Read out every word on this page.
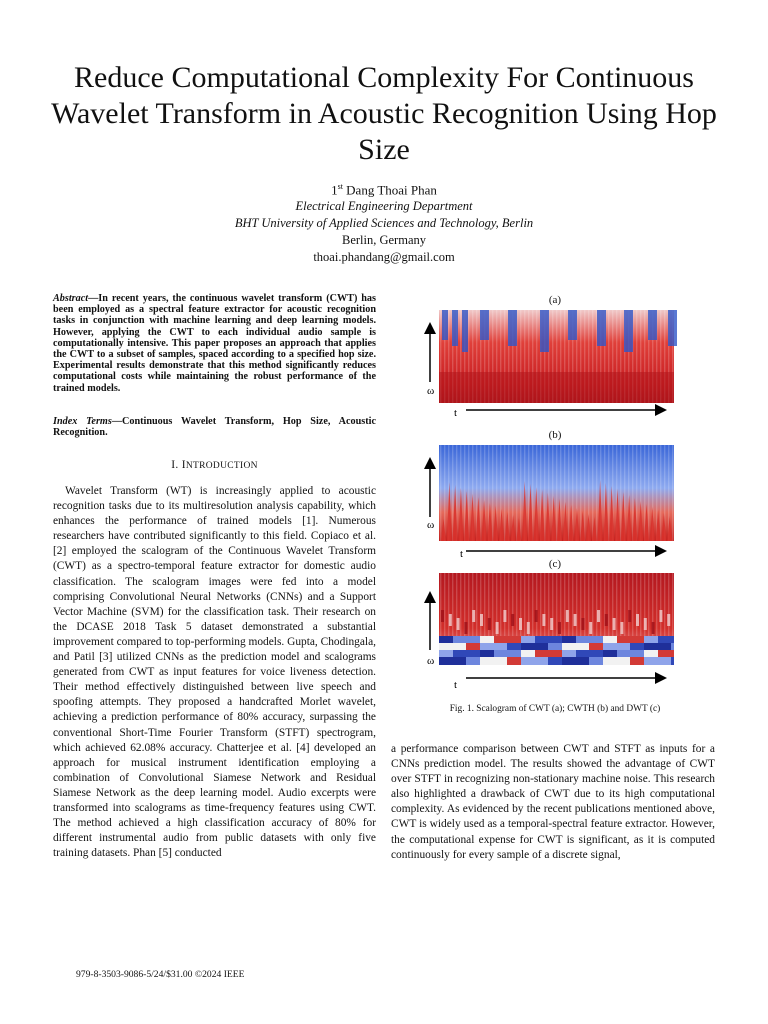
Reduce Computational Complexity For Continuous Wavelet Transform in Acoustic Recognition Using Hop Size
1st Dang Thoai Phan
Electrical Engineering Department
BHT University of Applied Sciences and Technology, Berlin
Berlin, Germany
thoai.phandang@gmail.com
Abstract—In recent years, the continuous wavelet transform (CWT) has been employed as a spectral feature extractor for acoustic recognition tasks in conjunction with machine learning and deep learning models. However, applying the CWT to each individual audio sample is computationally intensive. This paper proposes an approach that applies the CWT to a subset of samples, spaced according to a specified hop size. Experimental results demonstrate that this method significantly reduces computational costs while maintaining the robust performance of the trained models.
Index Terms—Continuous Wavelet Transform, Hop Size, Acoustic Recognition.
I. INTRODUCTION
Wavelet Transform (WT) is increasingly applied to acoustic recognition tasks due to its multiresolution analysis capability, which enhances the performance of trained models [1]. Numerous researchers have contributed significantly to this field. Copiaco et al. [2] employed the scalogram of the Continuous Wavelet Transform (CWT) as a spectro-temporal feature extractor for domestic audio classification. The scalogram images were fed into a model comprising Convolutional Neural Networks (CNNs) and a Support Vector Machine (SVM) for the classification task. Their research on the DCASE 2018 Task 5 dataset demonstrated a substantial improvement compared to top-performing models. Gupta, Chodingala, and Patil [3] utilized CNNs as the prediction model and scalograms generated from CWT as input features for voice liveness detection. Their method effectively distinguished between live speech and spoofing attempts. They proposed a handcrafted Morlet wavelet, achieving a prediction performance of 80% accuracy, surpassing the conventional Short-Time Fourier Transform (STFT) spectrogram, which achieved 62.08% accuracy. Chatterjee et al. [4] developed an approach for musical instrument identification employing a combination of Convolutional Siamese Network and Residual Siamese Network as the deep learning model. Audio excerpts were transformed into scalograms as time-frequency features using CWT. The method achieved a high classification accuracy of 80% for different instrumental audio from public datasets with only five training datasets. Phan [5] conducted
a performance comparison between CWT and STFT as inputs for a CNNs prediction model. The results showed the advantage of CWT over STFT in recognizing non-stationary machine noise. This research also highlighted a drawback of CWT due to its high computational complexity. As evidenced by the recent publications mentioned above, CWT is widely used as a temporal-spectral feature extractor. However, the computational expense for CWT is significant, as it is computed continuously for every sample of a discrete signal,
(a)
(b)
(c)
ω
t
ω
t
ω
t
Fig. 1. Scalogram of CWT (a); CWTH (b) and DWT (c)
979-8-3503-9086-5/24/$31.00 ©2024 IEEE
